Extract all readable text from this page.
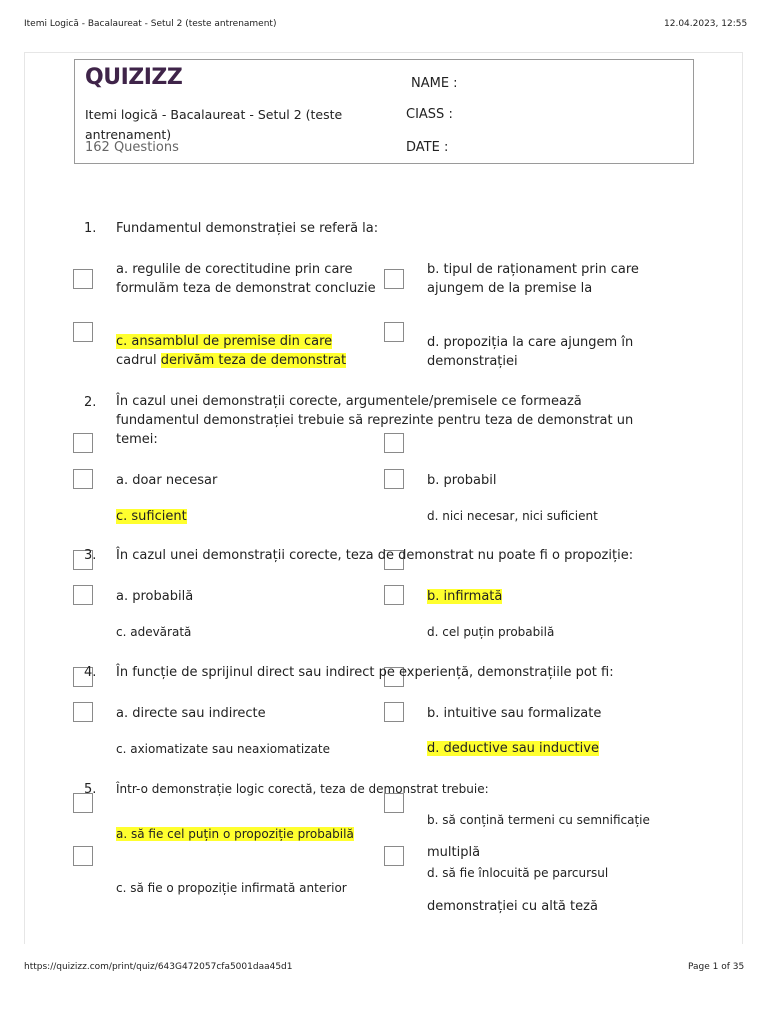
Itemi Logică - Bacalaureat - Setul 2 (teste antrenament)	12.04.2023, 12:55
QUIZIZZ
Itemi logică - Bacalaureat - Setul 2 (teste antrenament)
162 Questions
NAME :
CIASS :
DATE :
1. Fundamentul demonstrației se referă la:
a. regulile de corectitudine prin care formulăm teza de demonstrat concluzie
b. tipul de raționament prin care ajungem de la premise la
c. ansamblul de premise din care
cadrul derivăm teza de demonstrat
d. propoziția la care ajungem în demonstrației
2. În cazul unei demonstrații corecte, argumentele/premisele ce formează fundamentul demonstrației trebuie să reprezinte pentru teza de demonstrat un temei:
a. doar necesar	b. probabil
c. suficient	d. nici necesar, nici suficient
3. În cazul unei demonstrații corecte, teza de demonstrat nu poate fi o propoziție:
a. probabilă	b. infirmată
c. adevărată	d. cel puțin probabilă
4. În funcție de sprijinul direct sau indirect pe experiență, demonstrațiile pot fi:
a. directe sau indirecte	b. intuitive sau formalizate
c. axiomatizate sau neaxiomatizate	d. deductive sau inductive
5. Într-o demonstrație logic corectă, teza de demonstrat trebuie:
a. să fie cel puțin o propoziție probabilă
b. să conțină termeni cu semnificație
multiplă
c. să fie o propoziție infirmată anterior
d. să fie înlocuită pe parcursul
demonstrației cu altă teză
https://quizizz.com/print/quiz/643G472057cfa5001daa45d1	Page 1 of 35
